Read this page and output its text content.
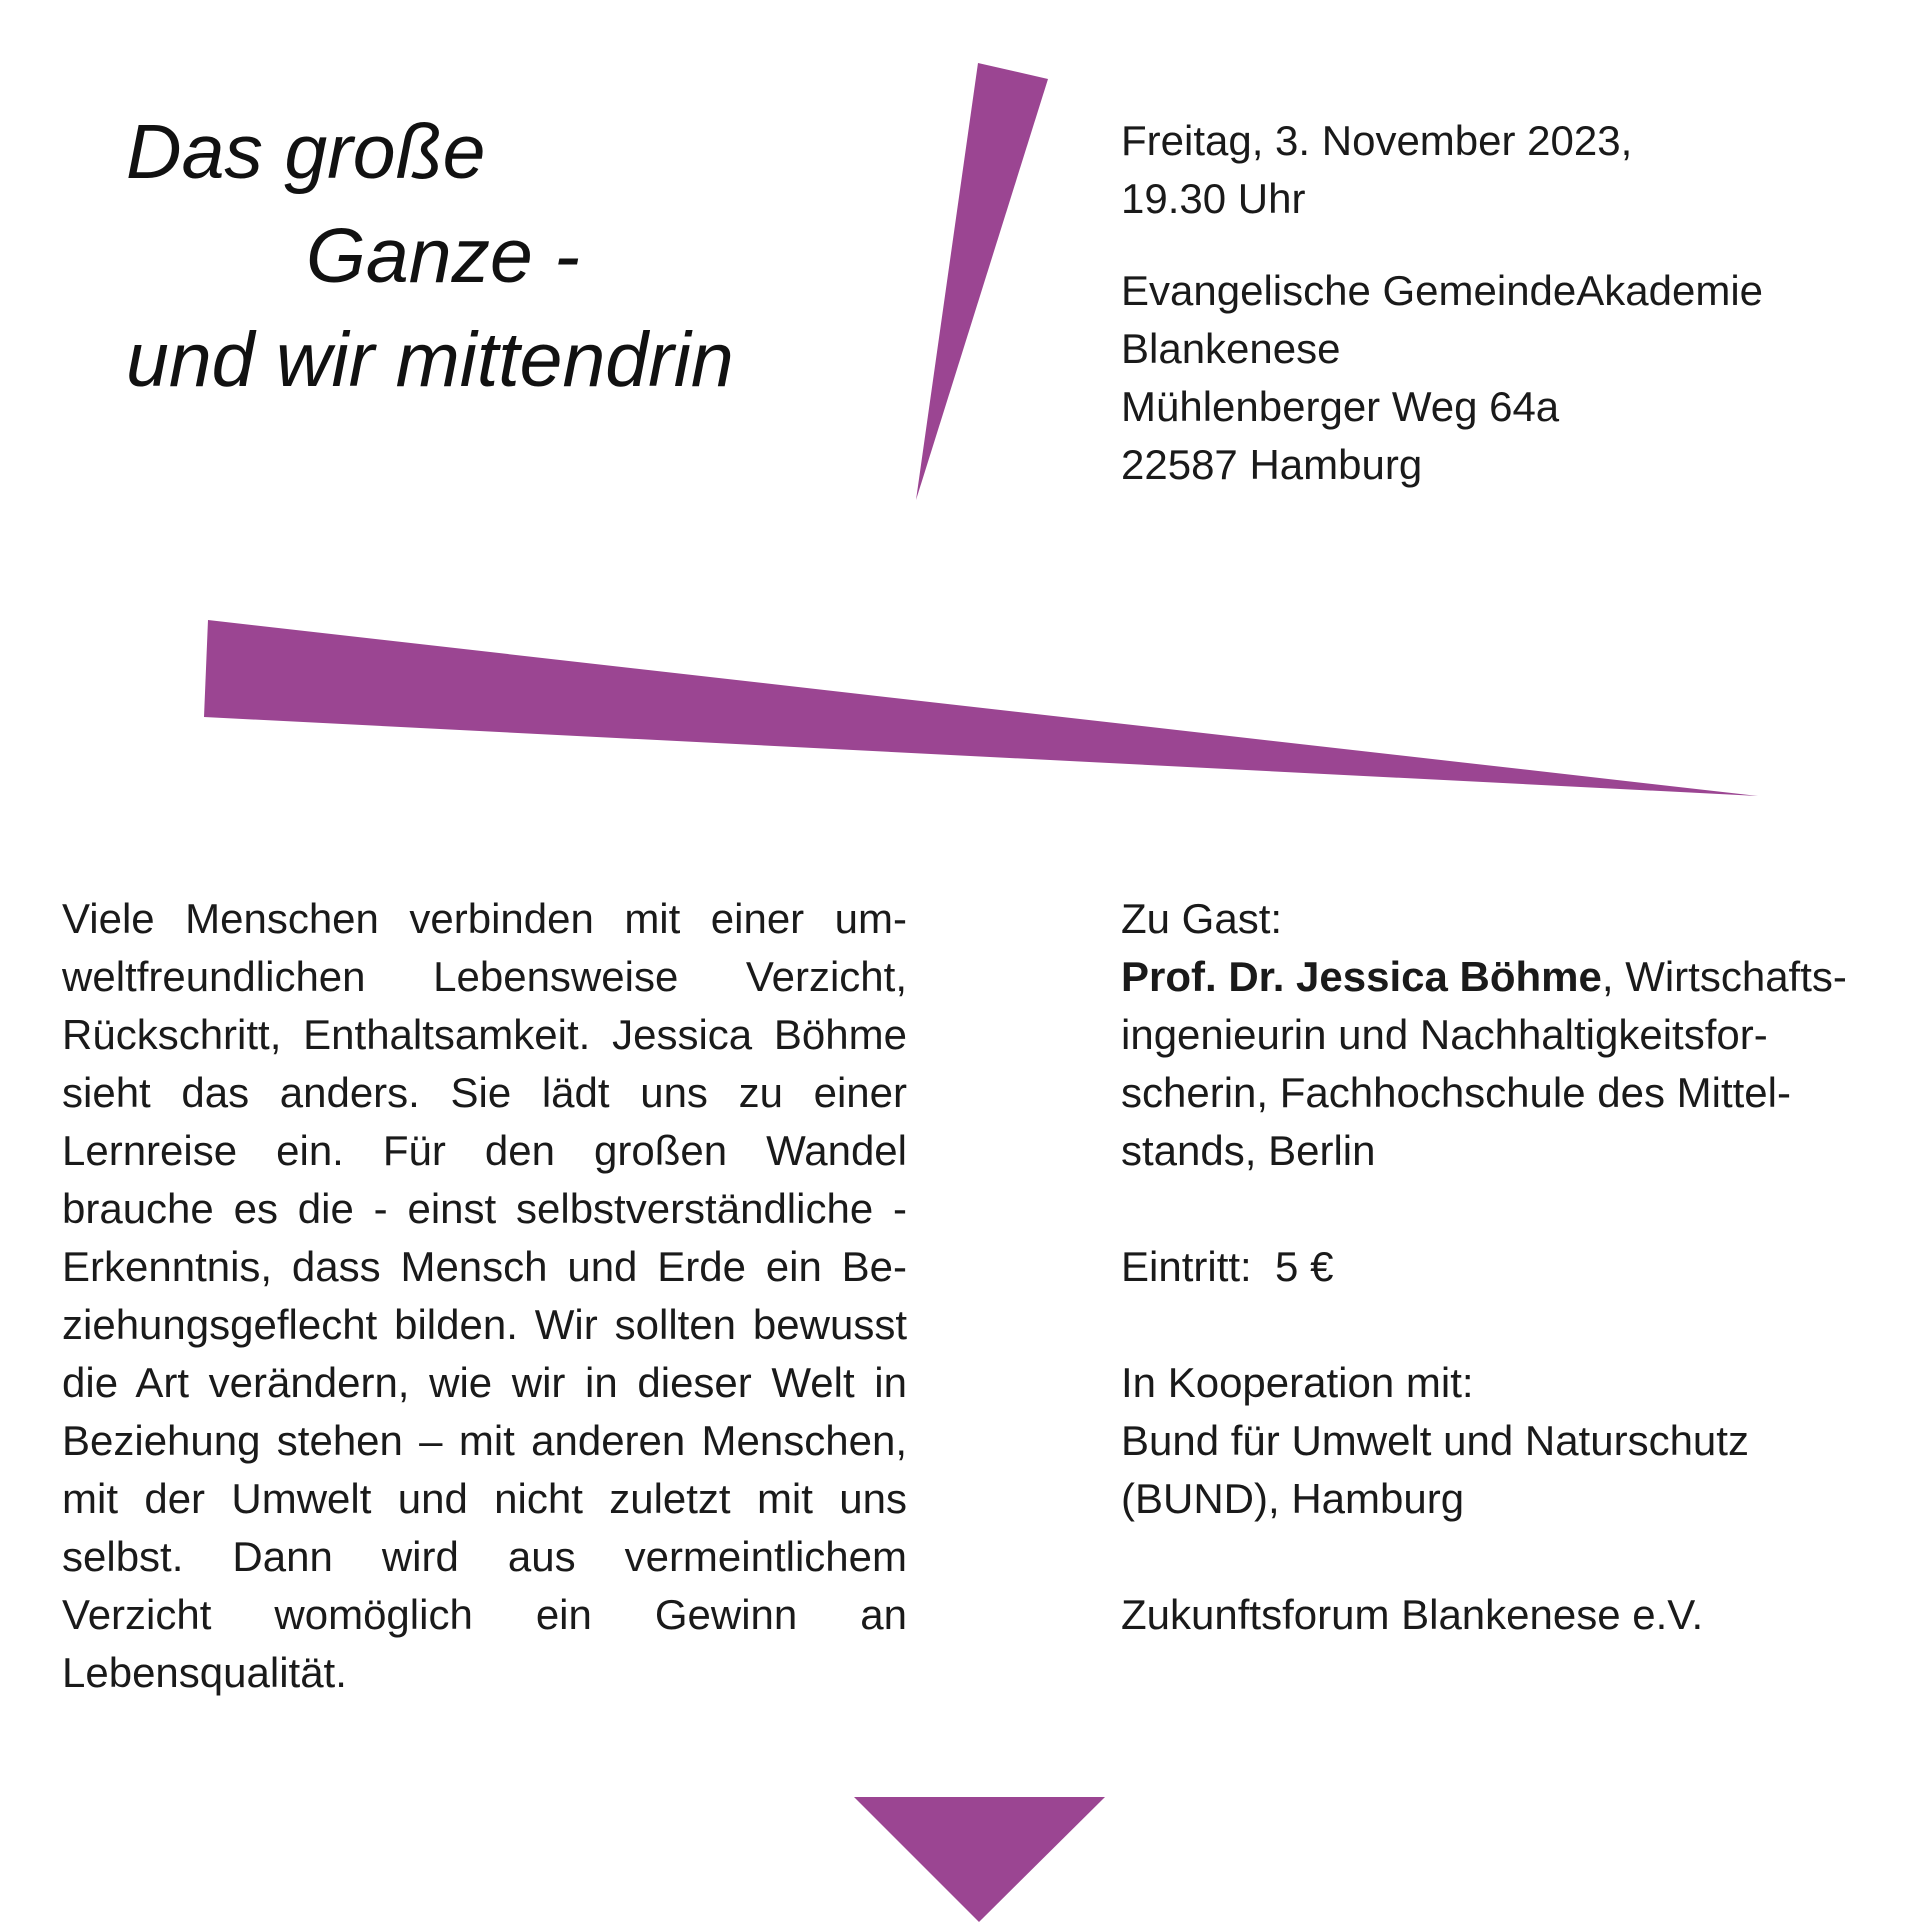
Das große
Ganze -
und wir mittendrin

Freitag, 3. November 2023,

19.30 Uhr

Evangelische GemeindeAkademie

Blankenese

Mühlenberger Weg 64a

22587 Hamburg

Viele Menschen verbinden mit einer umweltfreundlichen Lebensweise Verzicht, Rückschritt, Enthaltsamkeit. Jessica Böhme sieht das anders. Sie lädt uns zu einer Lernreise ein. Für den großen Wandel brauche es die - einst selbstverständliche - Erkenntnis, dass Mensch und Erde ein Beziehungsgeflecht bilden. Wir sollten bewusst die Art verändern, wie wir in dieser Welt in Beziehung stehen – mit anderen Menschen, mit der Umwelt und nicht zuletzt mit uns selbst. Dann wird aus vermeintlichem Verzicht womöglich ein Gewinn an Lebensqualität.

Zu Gast:

Prof. Dr. Jessica Böhme, Wirtschaftsingenieurin und Nachhaltigkeitsforscherin, Fachhochschule des Mittelstands, Berlin

Eintritt: 5 €

In Kooperation mit:

Bund für Umwelt und Naturschutz (BUND), Hamburg

Zukunftsforum Blankenese e.V.
